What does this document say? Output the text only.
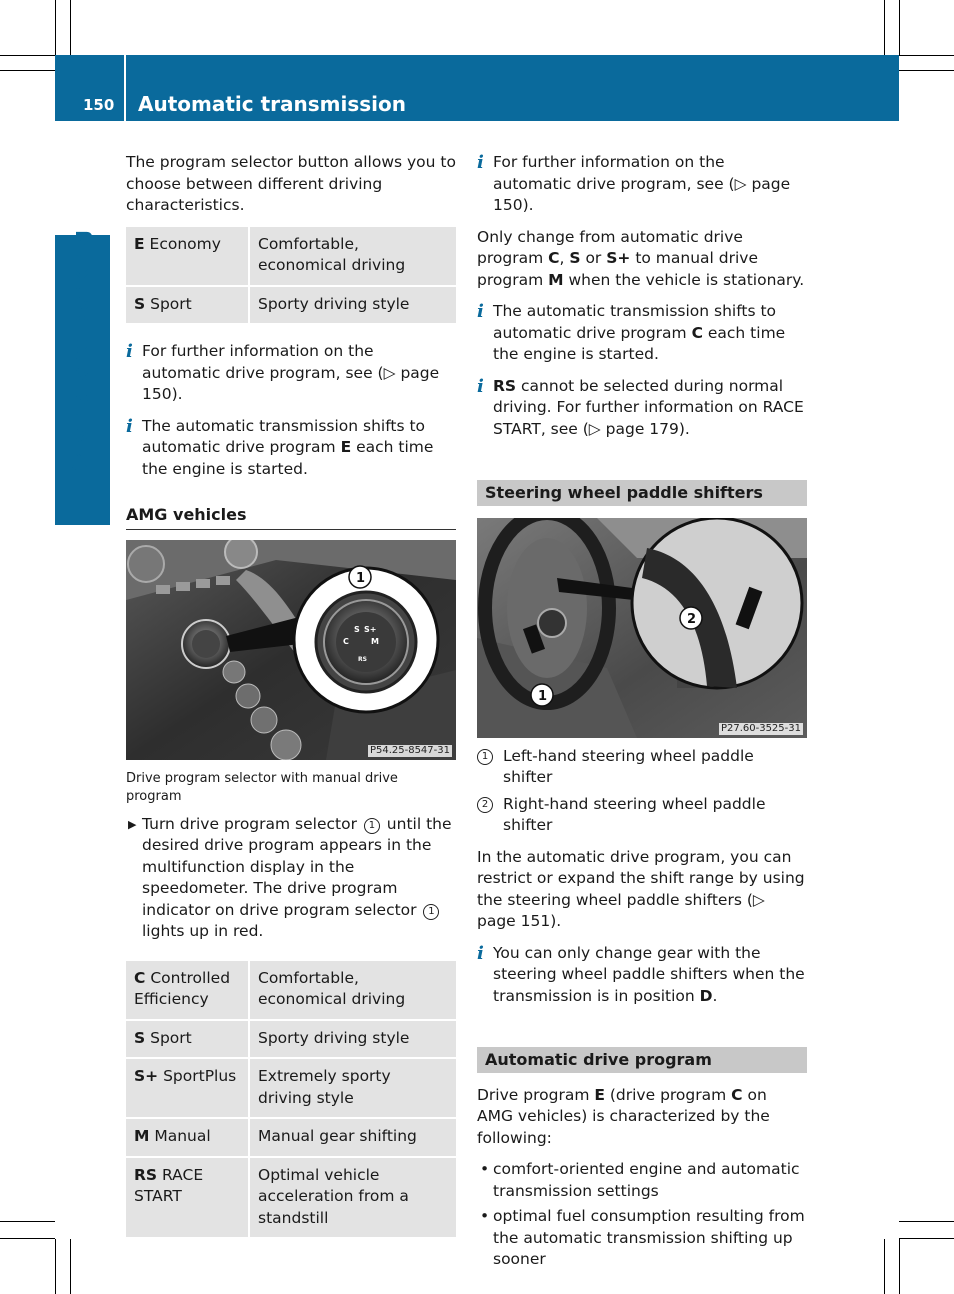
150 Automatic transmission
Driving and parking

The program selector button allows you to choose between different driving characteristics.

E Economy	Comfortable, economical driving
S Sport	Sporty driving style
i For further information on the automatic drive program, see (▷ page 150).
i The automatic transmission shifts to automatic drive program E each time the engine is started.
AMG vehicles
S S+
C	M
RS
1
P54.25-8547-31
Drive program selector with manual drive program
▶ Turn drive program selector 1 until the desired drive program appears in the multifunction display in the speedometer. The drive program indicator on drive program selector 1 lights up in red.
C Controlled Efficiency	Comfortable, economical driving
S Sport	Sporty driving style
S+ SportPlus	Extremely sporty driving style
M Manual	Manual gear shifting
RS RACE START	Optimal vehicle acceleration from a standstill
i For further information on the automatic drive program, see (▷ page 150).

Only change from automatic drive program C, S or S+ to manual drive program M when the vehicle is stationary.

i The automatic transmission shifts to automatic drive program C each time the engine is started.
i RS cannot be selected during normal driving. For further information on RACE START, see (▷ page 179).
Steering wheel paddle shifters
2
1
P27.60-3525-31
1 Left-hand steering wheel paddle shifter
2 Right-hand steering wheel paddle shifter

In the automatic drive program, you can restrict or expand the shift range by using the steering wheel paddle shifters (▷ page 151).

i You can only change gear with the steering wheel paddle shifters when the transmission is in position D.
Automatic drive program

Drive program E (drive program C on AMG vehicles) is characterized by the following:

• comfort-oriented engine and automatic transmission settings
• optimal fuel consumption resulting from the automatic transmission shifting up sooner
